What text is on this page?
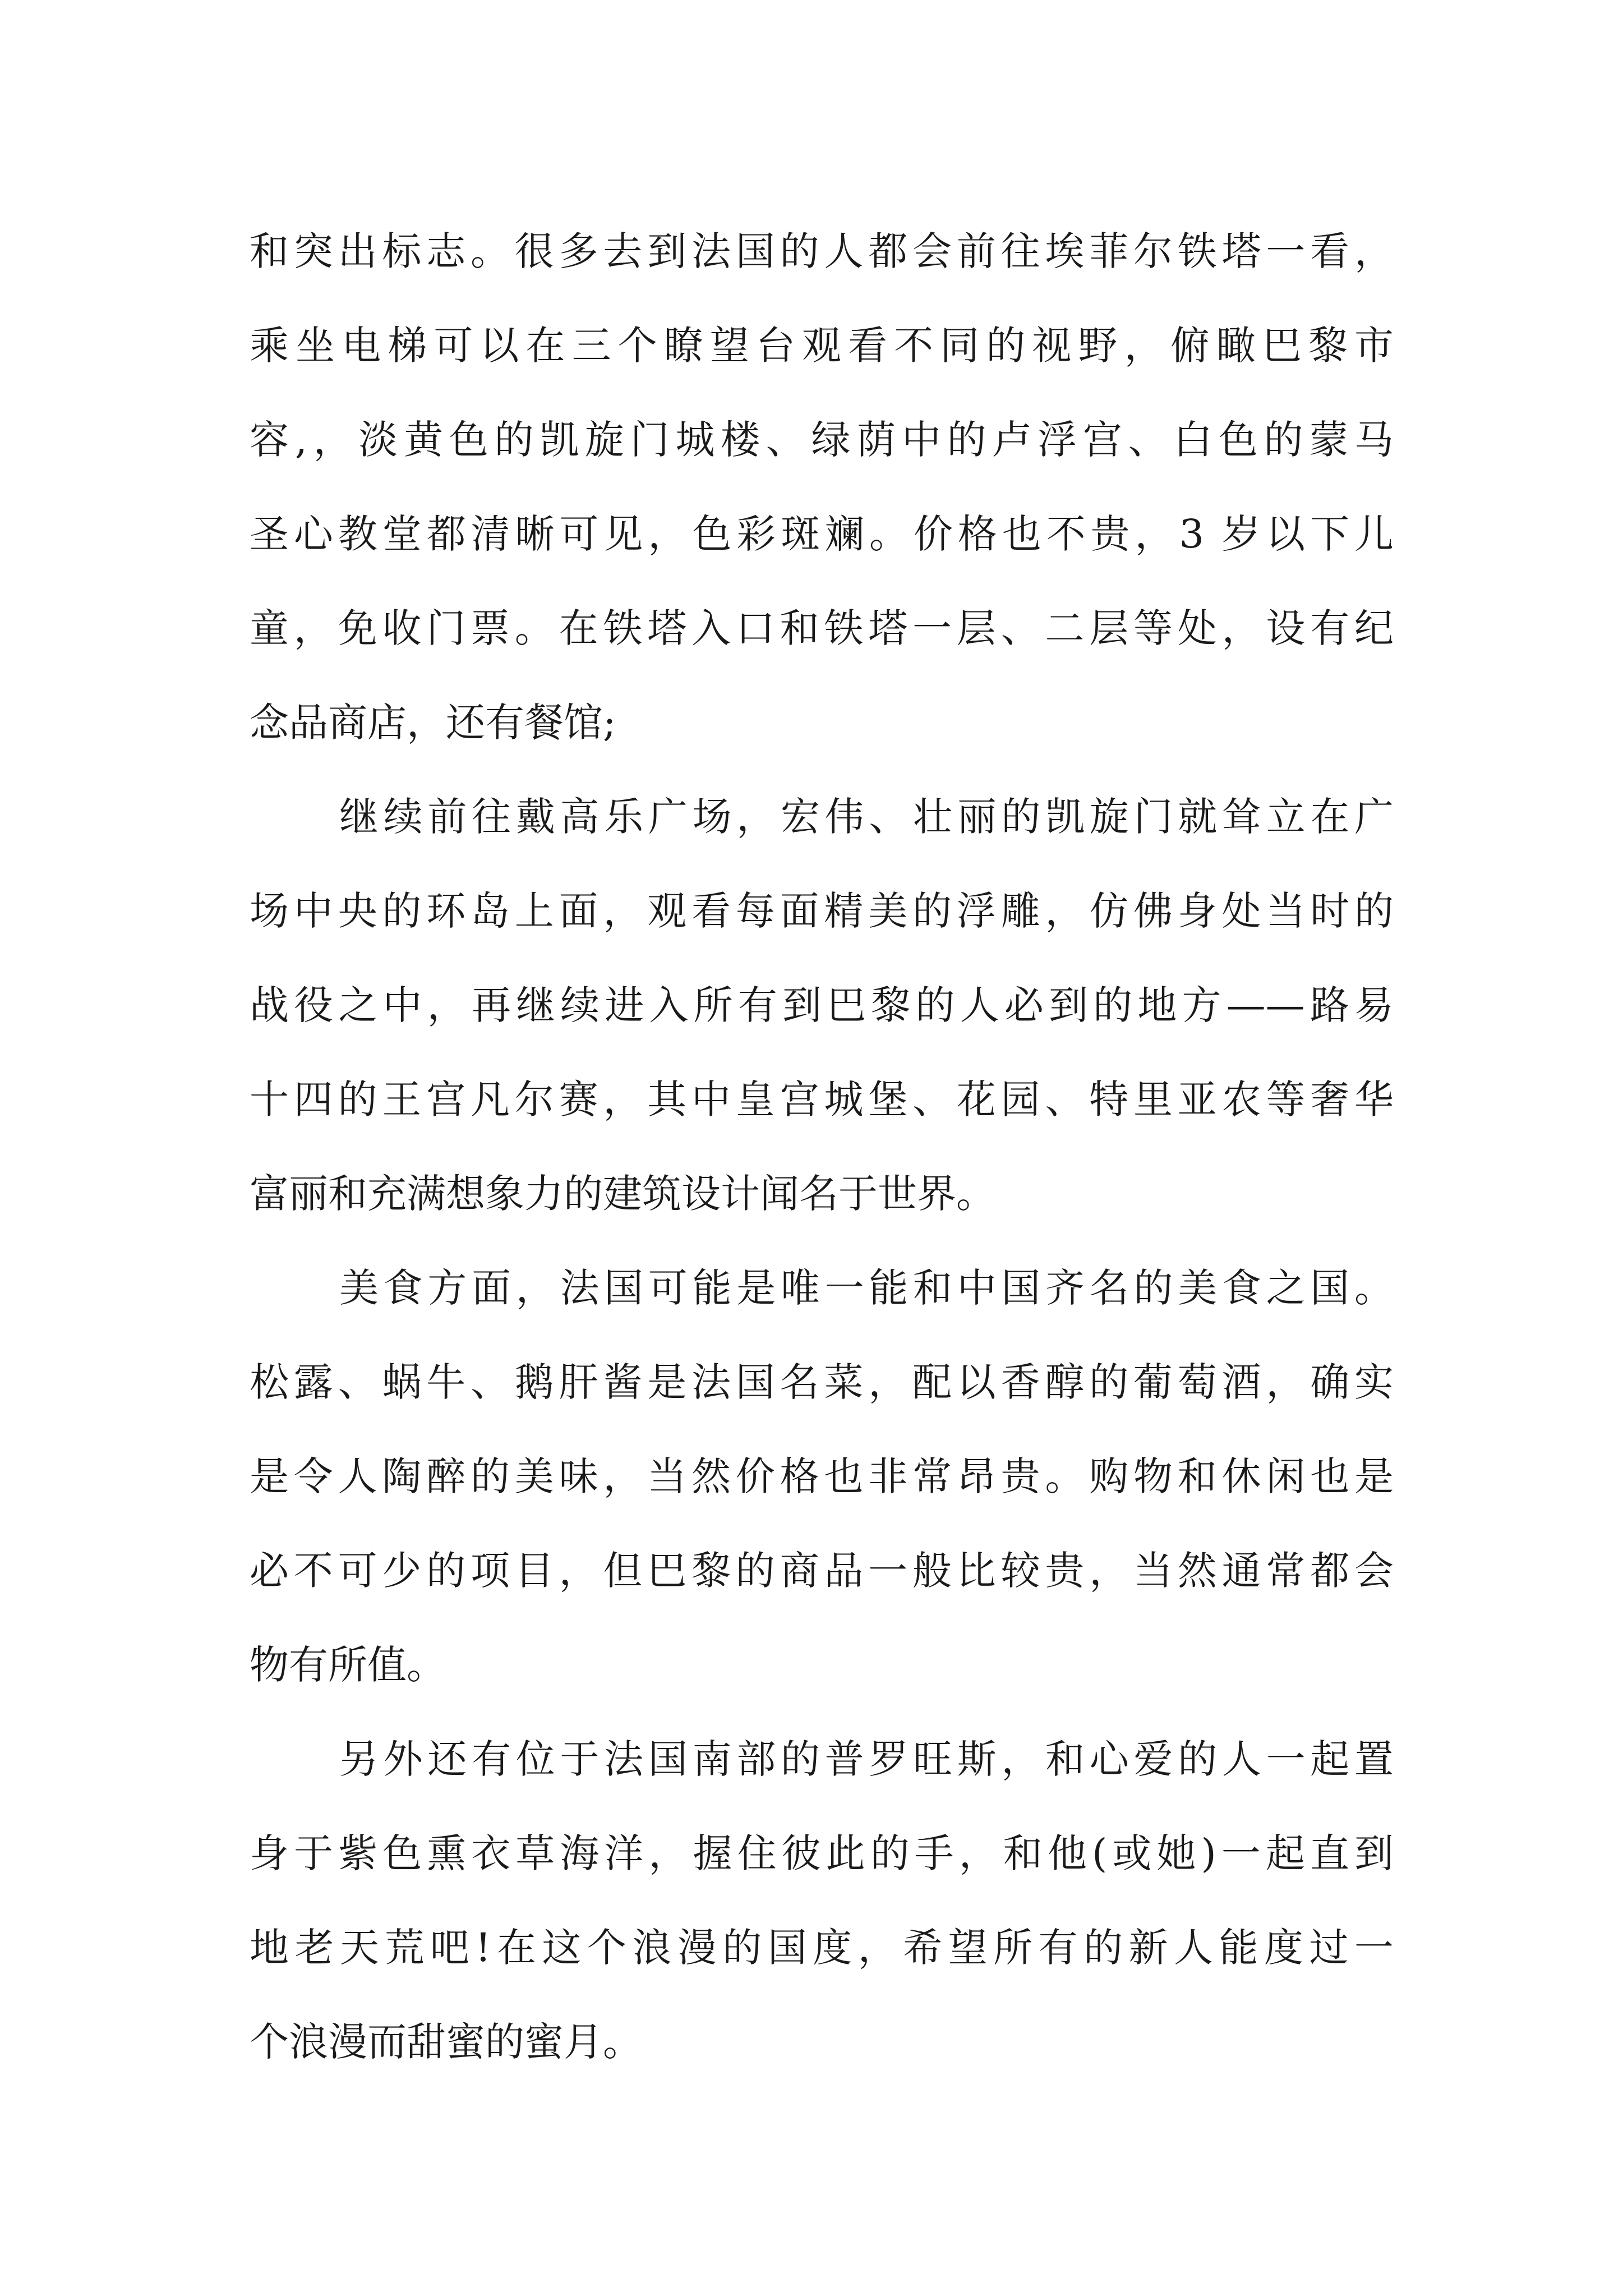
和突出标志。很多去到法国的人都会前往埃菲尔铁塔一看，
乘坐电梯可以在三个瞭望台观看不同的视野，俯瞰巴黎市
容,，淡黄色的凯旋门城楼、绿荫中的卢浮宫、白色的蒙马
圣心教堂都清晰可见，色彩斑斓。价格也不贵，3 岁以下儿
童，免收门票。在铁塔入口和铁塔一层、二层等处，设有纪
念品商店，还有餐馆;
继续前往戴高乐广场，宏伟、壮丽的凯旋门就耸立在广
场中央的环岛上面，观看每面精美的浮雕，仿佛身处当时的
战役之中，再继续进入所有到巴黎的人必到的地方——路易
十四的王宫凡尔赛，其中皇宫城堡、花园、特里亚农等奢华
富丽和充满想象力的建筑设计闻名于世界。
美食方面，法国可能是唯一能和中国齐名的美食之国。
松露、蜗牛、鹅肝酱是法国名菜，配以香醇的葡萄酒，确实
是令人陶醉的美味，当然价格也非常昂贵。购物和休闲也是
必不可少的项目，但巴黎的商品一般比较贵，当然通常都会
物有所值。
另外还有位于法国南部的普罗旺斯，和心爱的人一起置
身于紫色熏衣草海洋，握住彼此的手，和他(或她)一起直到
地老天荒吧!在这个浪漫的国度，希望所有的新人能度过一
个浪漫而甜蜜的蜜月。
